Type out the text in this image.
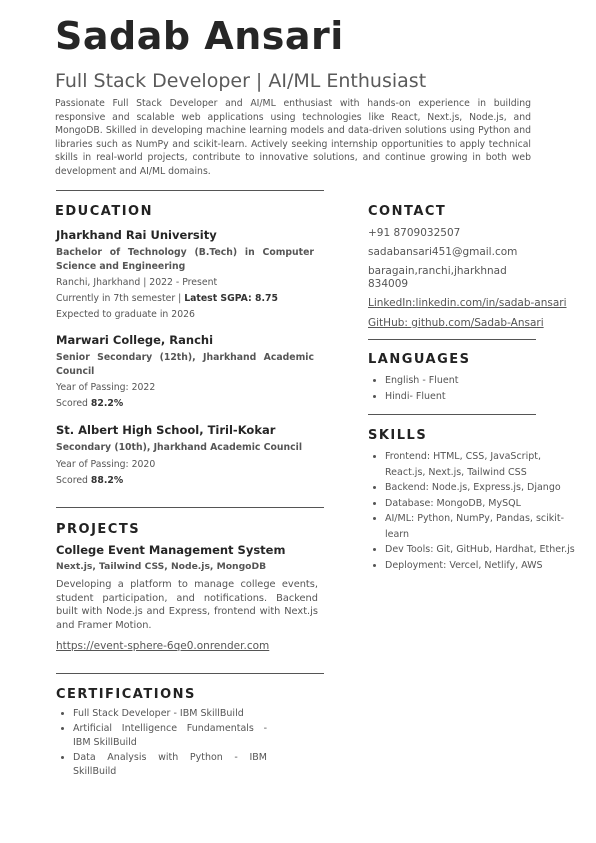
Sadab Ansari
Full Stack Developer | AI/ML Enthusiast

Passionate Full Stack Developer and AI/ML enthusiast with hands-on experience in building responsive and scalable web applications using technologies like React, Next.js, Node.js, and MongoDB. Skilled in developing machine learning models and data-driven solutions using Python and libraries such as NumPy and scikit-learn. Actively seeking internship opportunities to apply technical skills in real-world projects, contribute to innovative solutions, and continue growing in both web development and AI/ML domains.

EDUCATION

Jharkhand Rai University

Bachelor of Technology (B.Tech) in Computer Science and Engineering

Ranchi, Jharkhand | 2022 - Present

Currently in 7th semester | Latest SGPA: 8.75

Expected to graduate in 2026

Marwari College, Ranchi

Senior Secondary (12th), Jharkhand Academic Council

Year of Passing: 2022

Scored 82.2%

St. Albert High School, Tiril-Kokar

Secondary (10th), Jharkhand Academic Council

Year of Passing: 2020

Scored 88.2%

PROJECTS

College Event Management System

Next.js, Tailwind CSS, Node.js, MongoDB

Developing a platform to manage college events, student participation, and notifications. Backend built with Node.js and Express, frontend with Next.js and Framer Motion.

https://event-sphere-6qe0.onrender.com
CERTIFICATIONS
• Full Stack Developer - IBM SkillBuild
• Artificial Intelligence Fundamentals - IBM SkillBuild
• Data Analysis with Python - IBM SkillBuild
CONTACT

+91 8709032507

sadabansari451@gmail.com

baragain,ranchi,jharkhnad

834009

LinkedIn:linkedin.com/in/sadab-ansari
GitHub: github.com/Sadab-Ansari
LANGUAGES
• English - Fluent
• Hindi- Fluent
SKILLS
• Frontend: HTML, CSS, JavaScript, React.js, Next.js, Tailwind CSS
• Backend: Node.js, Express.js, Django
• Database: MongoDB, MySQL
• AI/ML: Python, NumPy, Pandas, scikit-learn
• Dev Tools: Git, GitHub, Hardhat, Ether.js
• Deployment: Vercel, Netlify, AWS
